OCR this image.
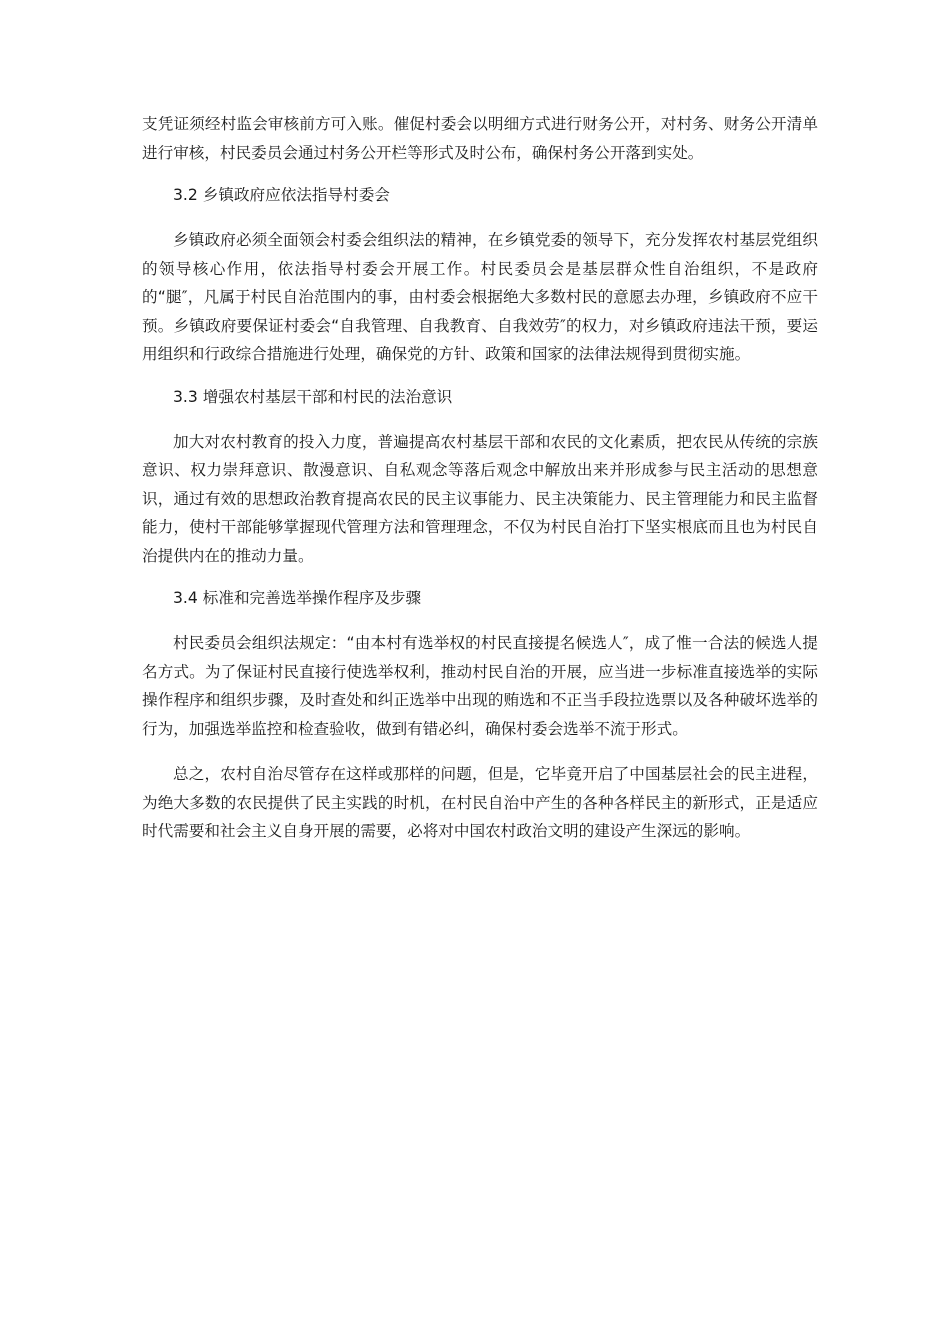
支凭证须经村监会审核前方可入账。催促村委会以明细方式进行财务公开，对村务、财务公开清单进行审核，村民委员会通过村务公开栏等形式及时公布，确保村务公开落到实处。

3.2 乡镇政府应依法指导村委会

乡镇政府必须全面领会村委会组织法的精神，在乡镇党委的领导下，充分发挥农村基层党组织的领导核心作用，依法指导村委会开展工作。村民委员会是基层群众性自治组织，不是政府的“腿″，凡属于村民自治范围内的事，由村委会根据绝大多数村民的意愿去办理，乡镇政府不应干预。乡镇政府要保证村委会“自我管理、自我教育、自我效劳″的权力，对乡镇政府违法干预，要运用组织和行政综合措施进行处理，确保党的方针、政策和国家的法律法规得到贯彻实施。

3.3 增强农村基层干部和村民的法治意识

加大对农村教育的投入力度，普遍提高农村基层干部和农民的文化素质，把农民从传统的宗族意识、权力崇拜意识、散漫意识、自私观念等落后观念中解放出来并形成参与民主活动的思想意识，通过有效的思想政治教育提高农民的民主议事能力、民主决策能力、民主管理能力和民主监督能力，使村干部能够掌握现代管理方法和管理理念，不仅为村民自治打下坚实根底而且也为村民自治提供内在的推动力量。

3.4 标准和完善选举操作程序及步骤

村民委员会组织法规定：“由本村有选举权的村民直接提名候选人″，成了惟一合法的候选人提名方式。为了保证村民直接行使选举权利，推动村民自治的开展，应当进一步标准直接选举的实际操作程序和组织步骤，及时查处和纠正选举中出现的贿选和不正当手段拉选票以及各种破坏选举的行为，加强选举监控和检查验收，做到有错必纠，确保村委会选举不流于形式。

总之，农村自治尽管存在这样或那样的问题，但是，它毕竟开启了中国基层社会的民主进程，为绝大多数的农民提供了民主实践的时机，在村民自治中产生的各种各样民主的新形式，正是适应时代需要和社会主义自身开展的需要，必将对中国农村政治文明的建设产生深远的影响。
